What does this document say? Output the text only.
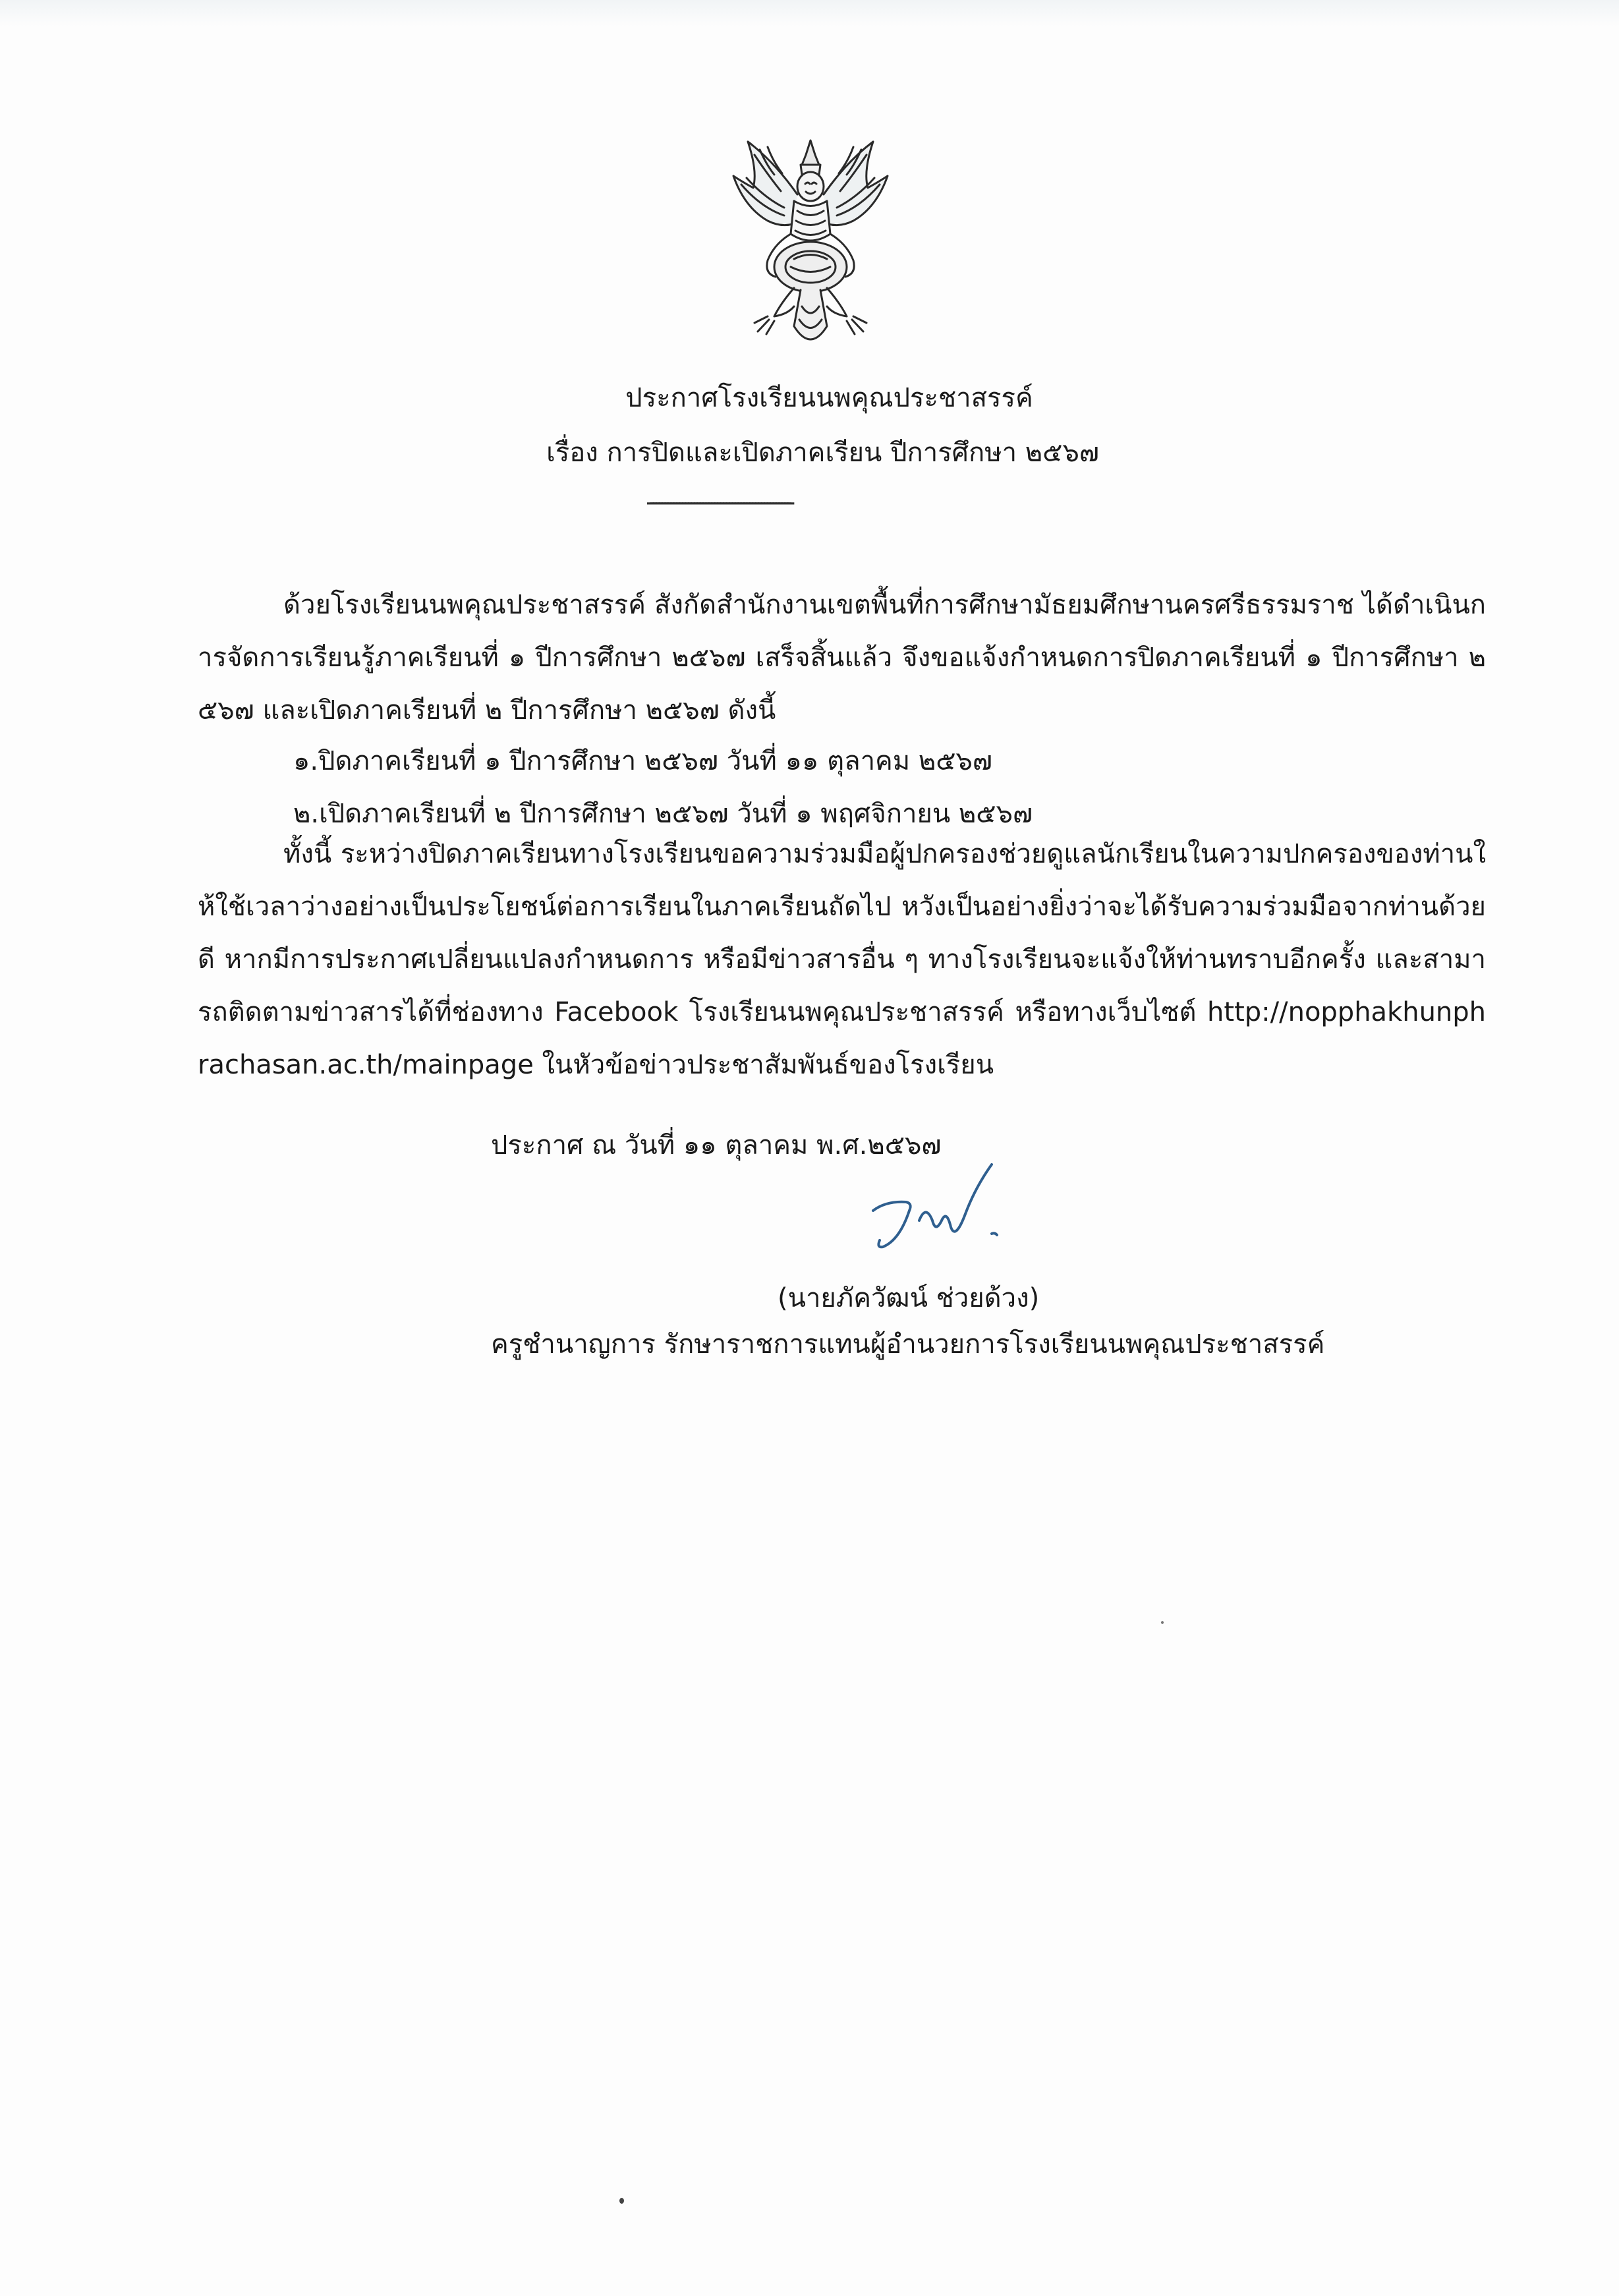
ประกาศโรงเรียนนพคุณประชาสรรค์
เรื่อง การปิดและเปิดภาคเรียน ปีการศึกษา ๒๕๖๗
-------------------------------------------------

ด้วยโรงเรียนนพคุณประชาสรรค์ สังกัดสำนักงานเขตพื้นที่การศึกษามัธยมศึกษานครศรีธรรมราช ได้ดำเนินการจัดการเรียนรู้ภาคเรียนที่ ๑ ปีการศึกษา ๒๕๖๗ เสร็จสิ้นแล้ว จึงขอแจ้งกำหนดการปิดภาคเรียนที่ ๑ ปีการศึกษา ๒๕๖๗ และเปิดภาคเรียนที่ ๒ ปีการศึกษา ๒๕๖๗ ดังนี้

๑.ปิดภาคเรียนที่ ๑ ปีการศึกษา ๒๕๖๗ วันที่ ๑๑ ตุลาคม ๒๕๖๗

๒.เปิดภาคเรียนที่ ๒ ปีการศึกษา ๒๕๖๗ วันที่ ๑ พฤศจิกายน ๒๕๖๗

ทั้งนี้ ระหว่างปิดภาคเรียนทางโรงเรียนขอความร่วมมือผู้ปกครองช่วยดูแลนักเรียนในความปกครองของท่านให้ใช้เวลาว่างอย่างเป็นประโยชน์ต่อการเรียนในภาคเรียนถัดไป หวังเป็นอย่างยิ่งว่าจะได้รับความร่วมมือจากท่านด้วยดี หากมีการประกาศเปลี่ยนแปลงกำหนดการ หรือมีข่าวสารอื่น ๆ ทางโรงเรียนจะแจ้งให้ท่านทราบอีกครั้ง และสามารถติดตามข่าวสารได้ที่ช่องทาง Facebook โรงเรียนนพคุณประชาสรรค์ หรือทางเว็บไซต์ http://nopphakhunphrachasan.ac.th/mainpage ในหัวข้อข่าวประชาสัมพันธ์ของโรงเรียน

ประกาศ ณ วันที่ ๑๑ ตุลาคม พ.ศ.๒๕๖๗
(นายภัควัฒน์ ช่วยด้วง)
ครูชำนาญการ รักษาราชการแทนผู้อำนวยการโรงเรียนนพคุณประชาสรรค์
